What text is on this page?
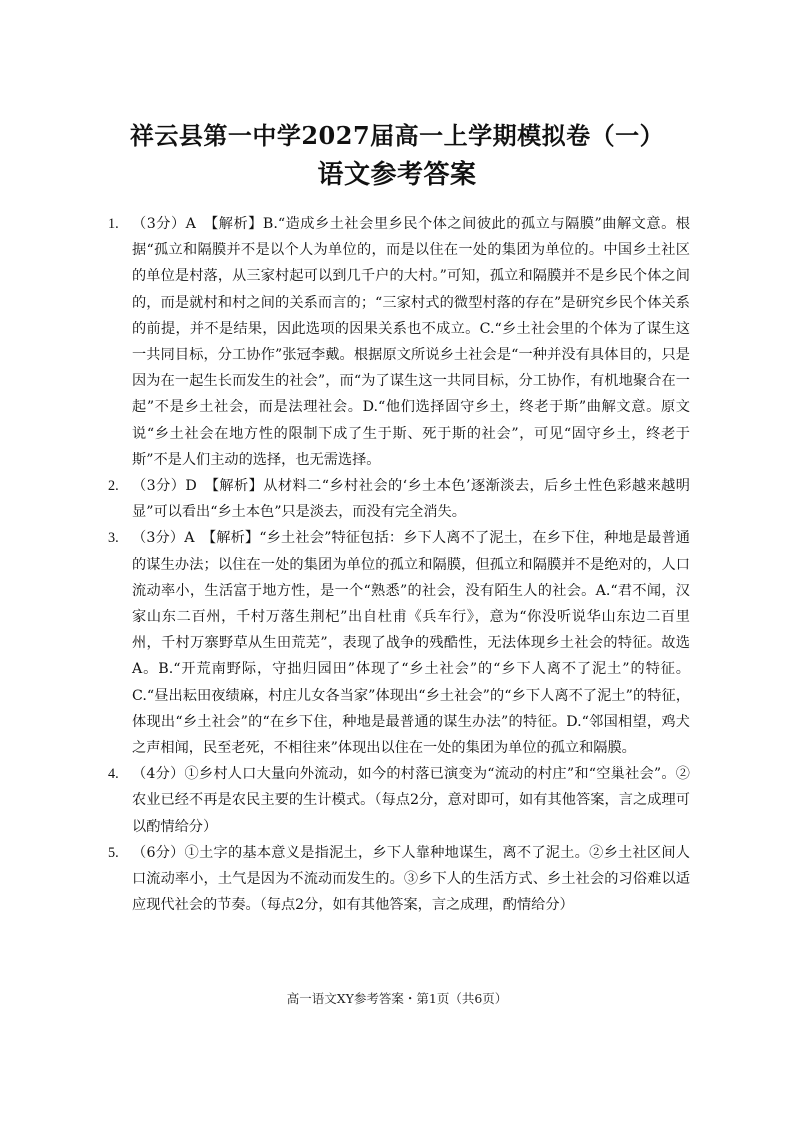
祥云县第一中学2027届高一上学期模拟卷（一）
语文参考答案
1. （3分）A　【解析】B.“造成乡土社会里乡民个体之间彼此的孤立与隔膜”曲解文意。根据“孤立和隔膜并不是以个人为单位的，而是以住在一处的集团为单位的。中国乡土社区的单位是村落，从三家村起可以到几千户的大村。”可知，孤立和隔膜并不是乡民个体之间的，而是就村和村之间的关系而言的；“三家村式的微型村落的存在”是研究乡民个体关系的前提，并不是结果，因此选项的因果关系也不成立。C.“乡土社会里的个体为了谋生这一共同目标，分工协作”张冠李戴。根据原文所说乡土社会是“一种并没有具体目的，只是因为在一起生长而发生的社会”，而“为了谋生这一共同目标，分工协作，有机地聚合在一起”不是乡土社会，而是法理社会。D.“他们选择固守乡土，终老于斯”曲解文意。原文说“乡土社会在地方性的限制下成了生于斯、死于斯的社会”，可见“固守乡土，终老于斯”不是人们主动的选择，也无需选择。
2. （3分）D　【解析】从材料二“乡村社会的‘乡土本色’逐渐淡去，后乡土性色彩越来越明显”可以看出“乡土本色”只是淡去，而没有完全消失。
3. （3分）A　【解析】“乡土社会”特征包括：乡下人离不了泥土，在乡下住，种地是最普通的谋生办法；以住在一处的集团为单位的孤立和隔膜，但孤立和隔膜并不是绝对的，人口流动率小，生活富于地方性，是一个“熟悉”的社会，没有陌生人的社会。A.“君不闻，汉家山东二百州，千村万落生荆杞”出自杜甫《兵车行》，意为“你没听说华山东边二百里州，千村万寨野草从生田荒芜”，表现了战争的残酷性，无法体现乡土社会的特征。故选A。B.“开荒南野际，守拙归园田”体现了“乡土社会”的“乡下人离不了泥土”的特征。C.“昼出耘田夜绩麻，村庄儿女各当家”体现出“乡土社会”的“乡下人离不了泥土”的特征，体现出“乡土社会”的“在乡下住，种地是最普通的谋生办法”的特征。D.“邻国相望，鸡犬之声相闻，民至老死，不相往来”体现出以住在一处的集团为单位的孤立和隔膜。
4. （4分）①乡村人口大量向外流动，如今的村落已演变为“流动的村庄”和“空巢社会”。②农业已经不再是农民主要的生计模式。（每点2分，意对即可，如有其他答案，言之成理可以酌情给分）
5. （6分）①土字的基本意义是指泥土，乡下人靠种地谋生，离不了泥土。②乡土社区间人口流动率小，土气是因为不流动而发生的。③乡下人的生活方式、乡土社会的习俗难以适应现代社会的节奏。（每点2分，如有其他答案，言之成理，酌情给分）
高一语文XY参考答案・第1页（共6页）
